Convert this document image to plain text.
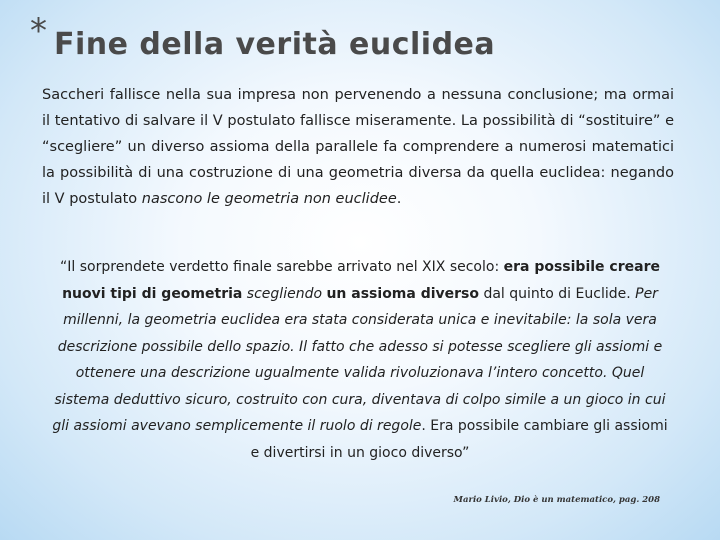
* Fine della verità euclidea

Saccheri fallisce nella sua impresa non pervenendo a nessuna conclusione; ma ormai il tentativo di salvare il V postulato fallisce miseramente. La possibilità di “sostituire” e “scegliere” un diverso assioma della parallele fa comprendere a numerosi matematici la possibilità di una costruzione di una geometria diversa da quella euclidea: negando il V postulato nascono le geometria non euclidee.

“Il sorprendete verdetto finale sarebbe arrivato nel XIX secolo: era possibile creare nuovi tipi di geometria scegliendo un assioma diverso dal quinto di Euclide. Per millenni, la geometria euclidea era stata considerata unica e inevitabile: la sola vera descrizione possibile dello spazio. Il fatto che adesso si potesse scegliere gli assiomi e ottenere una descrizione ugualmente valida rivoluzionava l’intero concetto. Quel sistema deduttivo sicuro, costruito con cura, diventava di colpo simile a un gioco in cui gli assiomi avevano semplicemente il ruolo di regole. Era possibile cambiare gli assiomi e divertirsi in un gioco diverso”

Mario Livio, Dio è un matematico, pag. 208
